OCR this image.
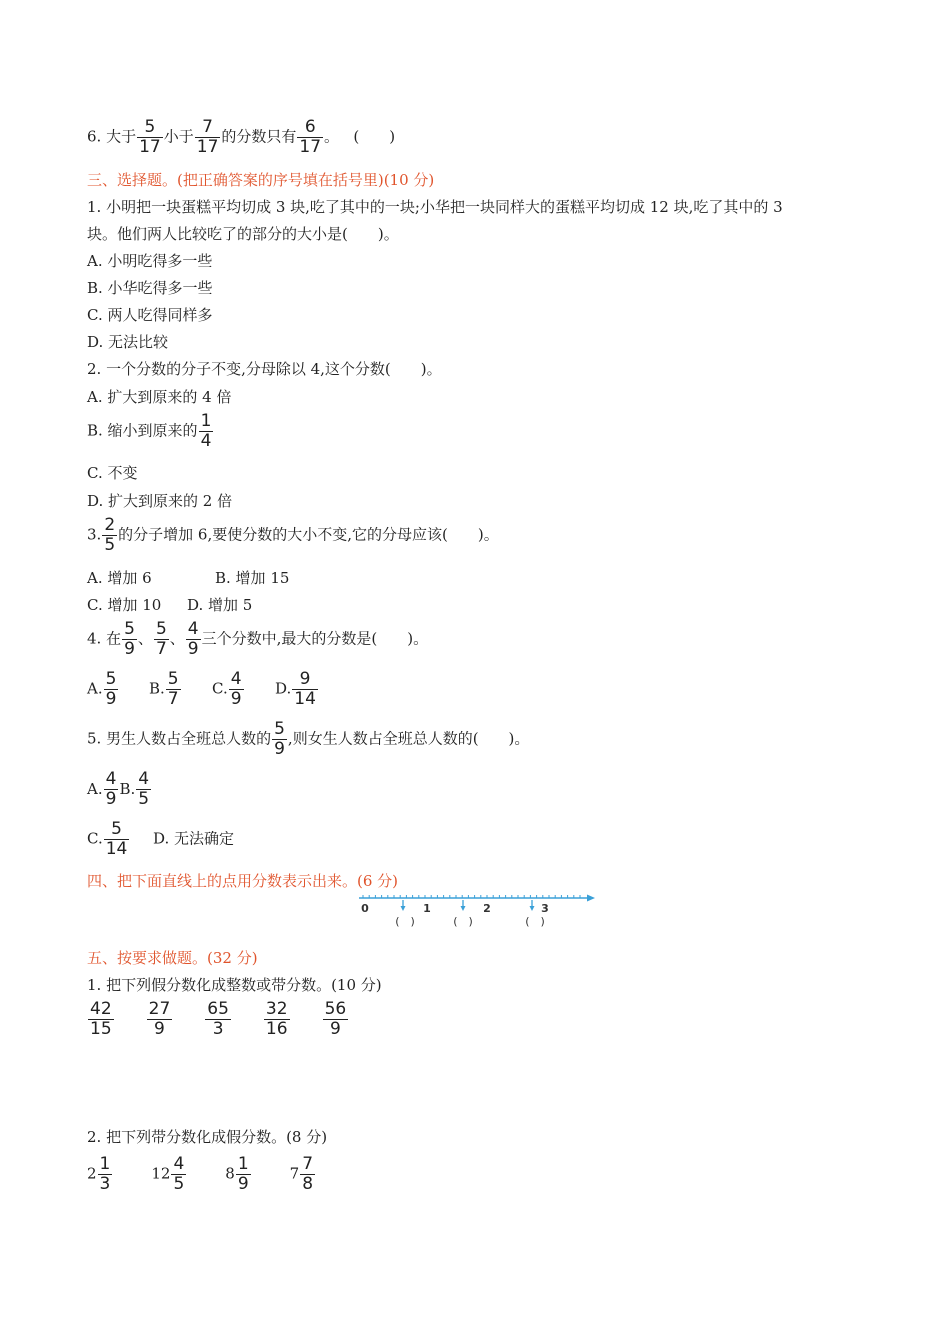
6. 大于 $\frac{5}{17}$ 小于 $\frac{7}{17}$ 的分数只有 $\frac{6}{17}$ 。 (　　)
三、选择题。(把正确答案的序号填在括号里)(10 分)
1. 小明把一块蛋糕平均切成 3 块,吃了其中的一块;小华把一块同样大的蛋糕平均切成 12 块,吃了其中的 3
块。他们两人比较吃了的部分的大小是(　　)。
A. 小明吃得多一些
B. 小华吃得多一些
C. 两人吃得同样多
D. 无法比较
2. 一个分数的分子不变,分母除以 4,这个分数(　　)。
A. 扩大到原来的 4 倍
B. 缩小到原来的 $\frac{1}{4}$
C. 不变
D. 扩大到原来的 2 倍
3. $\frac{2}{5}$ 的分子增加 6,要使分数的大小不变,它的分母应该(　　)。
A. 增加 6	B. 增加 15
C. 增加 10 D. 增加 5
4. 在 $\frac{5}{9}$ 、 $\frac{5}{7}$ 、 $\frac{4}{9}$ 三个分数中,最大的分数是(　　)。
A. $\frac{5}{9} B$. $\frac{5}{7} C$. $\frac{4}{9} D$. $\frac{9}{14}$
5. 男生人数占全班总人数的 $\frac{5}{9}$ ,则女生人数占全班总人数的(　　)。
A. $\frac{4}{9} B$. $\frac{4}{5}$
C. $\frac{5}{14} D$. 无法确定
四、把下面直线上的点用分数表示出来。(6 分)
0	1	2	3
(　)	(　)	(　)
五、按要求做题。(32 分)
1. 把下列假分数化成整数或带分数。(10 分)
$\frac{42}{15} \frac{27}{9} \frac{65}{3} \frac{32}{16} \frac{56}{9}$
2. 把下列带分数化成假分数。(8 分)
$2 \frac{1}{3}$	$12 \frac{4}{5}$	$8 \frac{1}{9}$	$7 \frac{7}{8}$
